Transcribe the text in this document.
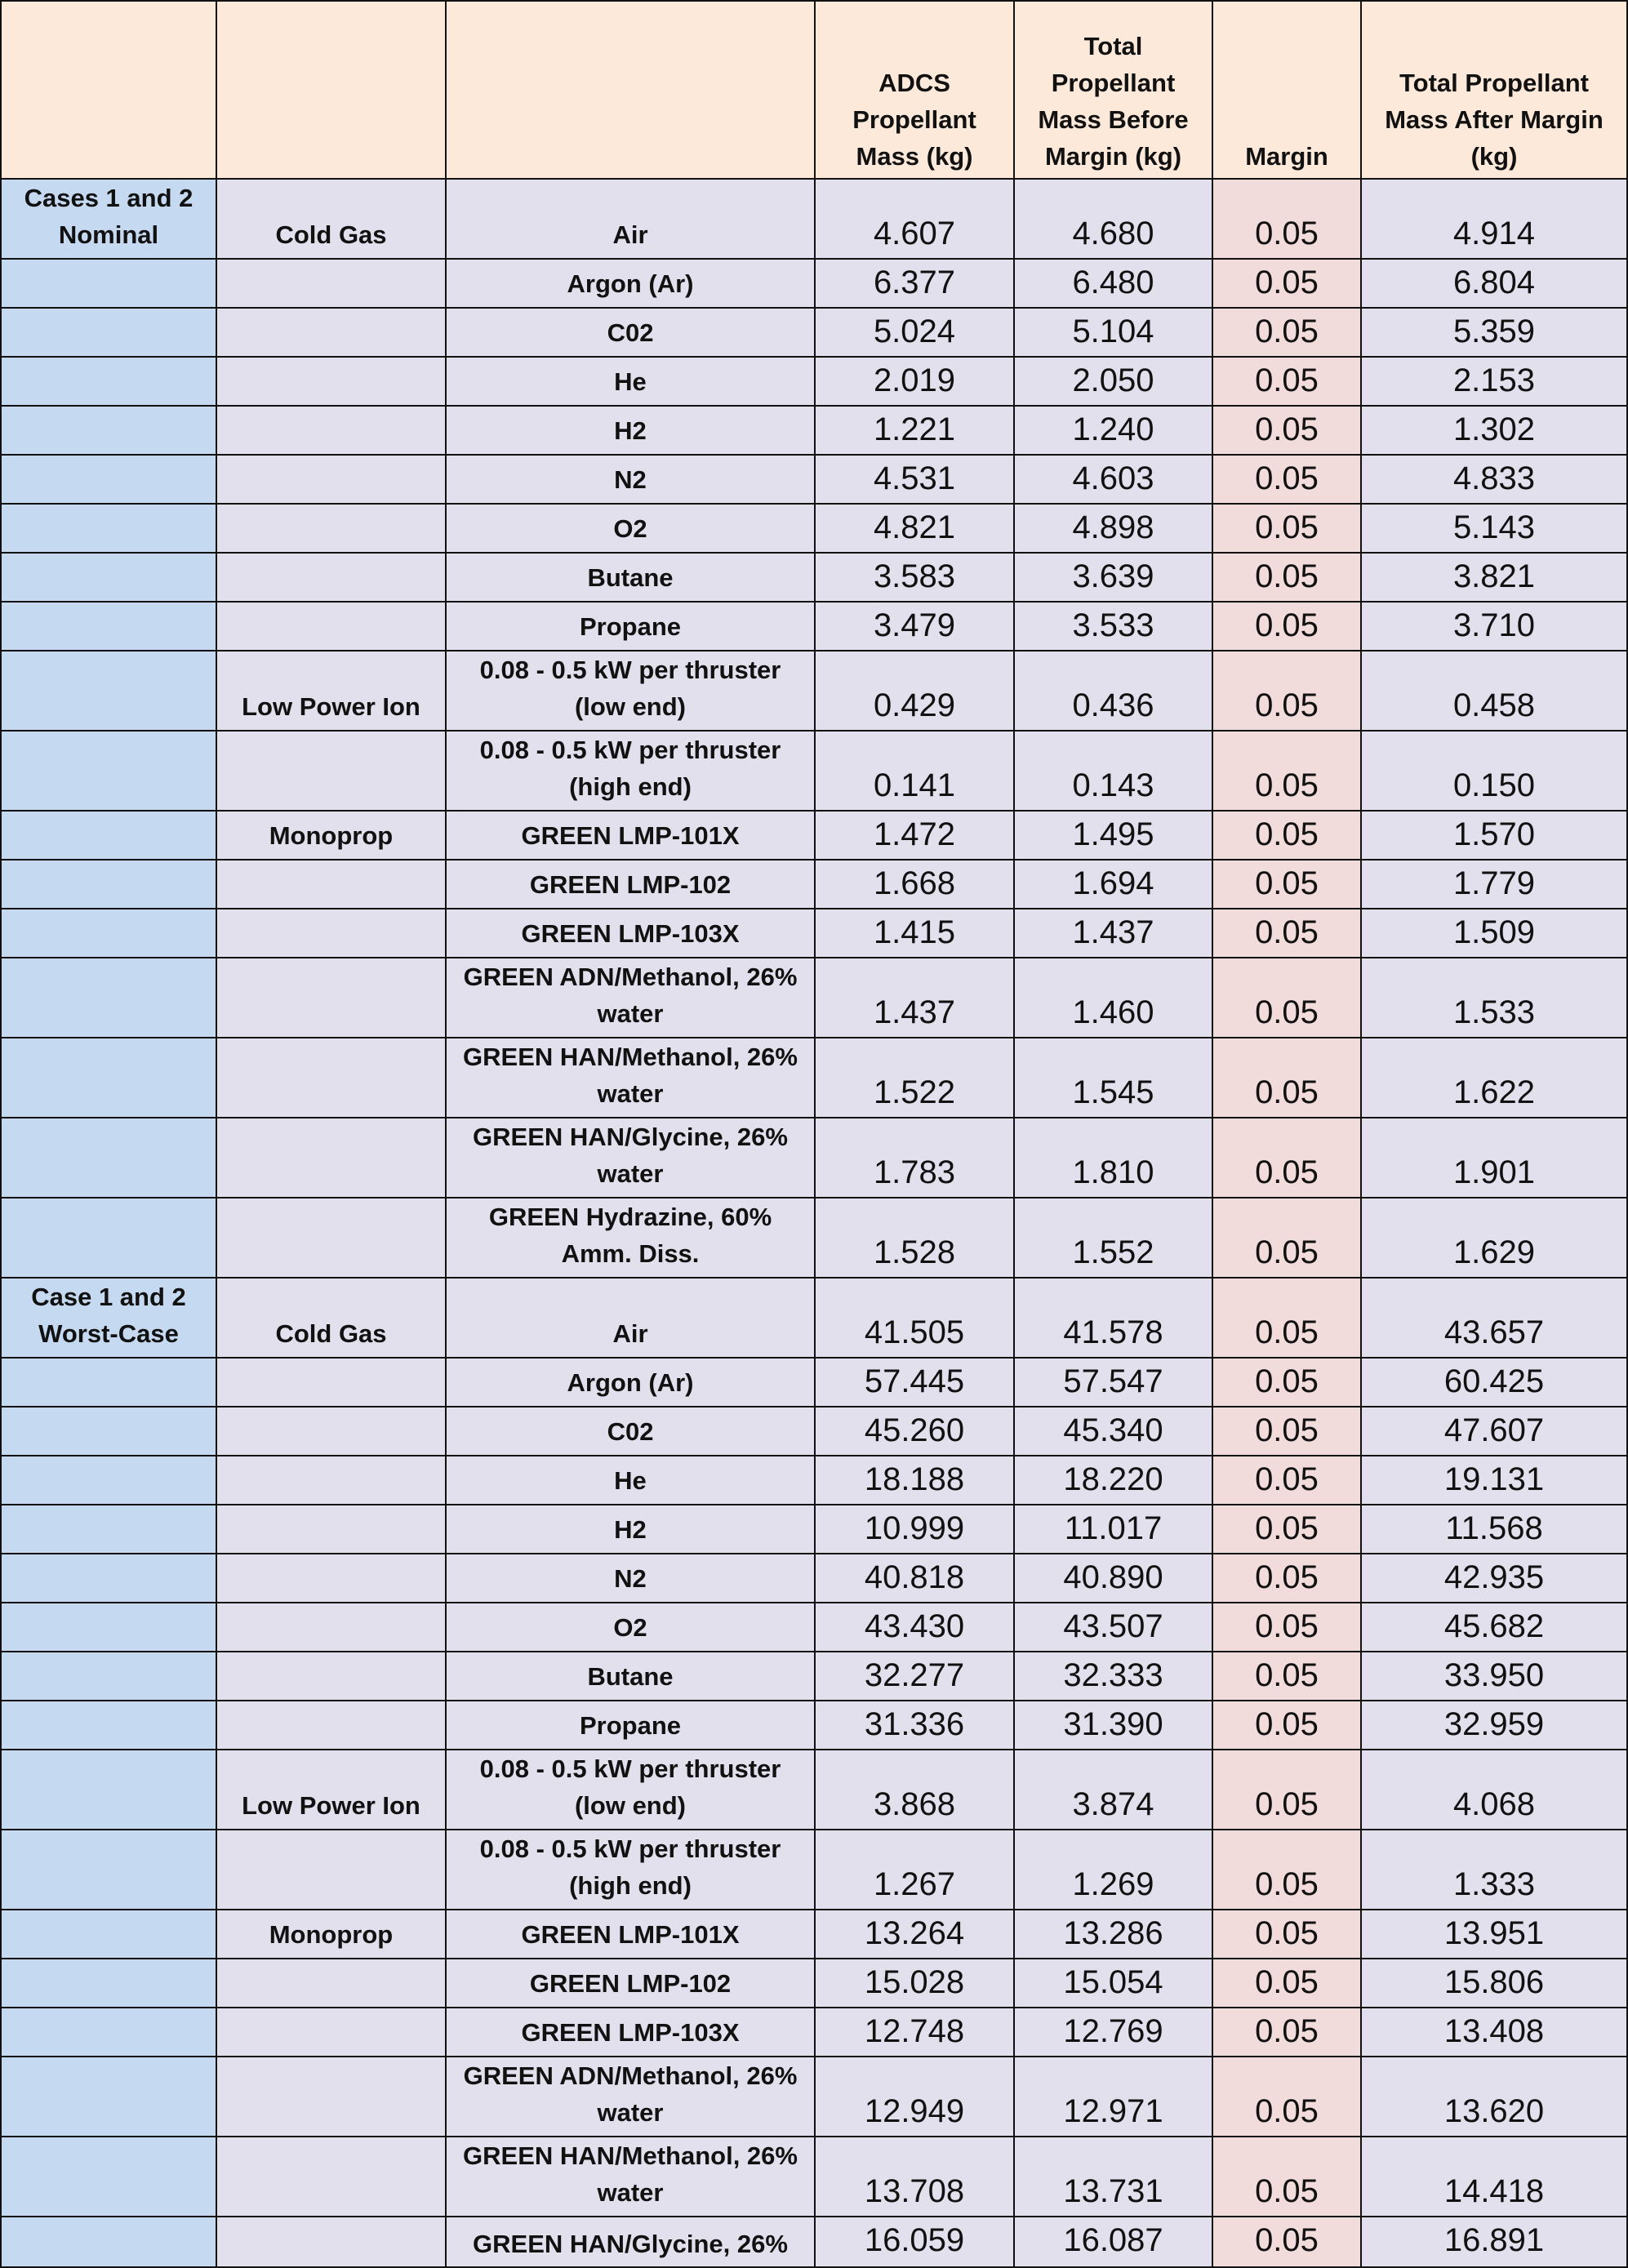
			ADCS Propellant Mass (kg)	Total Propellant Mass Before Margin (kg)	Margin	Total Propellant Mass After Margin (kg)
Cases 1 and 2 Nominal	Cold Gas	Air	4.607	4.680	0.05	4.914
		Argon (Ar)	6.377	6.480	0.05	6.804
		C02	5.024	5.104	0.05	5.359
		He	2.019	2.050	0.05	2.153
		H2	1.221	1.240	0.05	1.302
		N2	4.531	4.603	0.05	4.833
		O2	4.821	4.898	0.05	5.143
		Butane	3.583	3.639	0.05	3.821
		Propane	3.479	3.533	0.05	3.710
	Low Power Ion	0.08 - 0.5 kW per thruster (low end)	0.429	0.436	0.05	0.458
		0.08 - 0.5 kW per thruster (high end)	0.141	0.143	0.05	0.150
	Monoprop	GREEN LMP-101X	1.472	1.495	0.05	1.570
		GREEN LMP-102	1.668	1.694	0.05	1.779
		GREEN LMP-103X	1.415	1.437	0.05	1.509
		GREEN ADN/Methanol, 26% water	1.437	1.460	0.05	1.533
		GREEN HAN/Methanol, 26% water	1.522	1.545	0.05	1.622
		GREEN HAN/Glycine, 26% water	1.783	1.810	0.05	1.901
		GREEN Hydrazine, 60% Amm. Diss.	1.528	1.552	0.05	1.629
Case 1 and 2 Worst-Case	Cold Gas	Air	41.505	41.578	0.05	43.657
		Argon (Ar)	57.445	57.547	0.05	60.425
		C02	45.260	45.340	0.05	47.607
		He	18.188	18.220	0.05	19.131
		H2	10.999	11.017	0.05	11.568
		N2	40.818	40.890	0.05	42.935
		O2	43.430	43.507	0.05	45.682
		Butane	32.277	32.333	0.05	33.950
		Propane	31.336	31.390	0.05	32.959
	Low Power Ion	0.08 - 0.5 kW per thruster (low end)	3.868	3.874	0.05	4.068
		0.08 - 0.5 kW per thruster (high end)	1.267	1.269	0.05	1.333
	Monoprop	GREEN LMP-101X	13.264	13.286	0.05	13.951
		GREEN LMP-102	15.028	15.054	0.05	15.806
		GREEN LMP-103X	12.748	12.769	0.05	13.408
		GREEN ADN/Methanol, 26% water	12.949	12.971	0.05	13.620
		GREEN HAN/Methanol, 26% water	13.708	13.731	0.05	14.418
		GREEN HAN/Glycine, 26%	16.059	16.087	0.05	16.891
